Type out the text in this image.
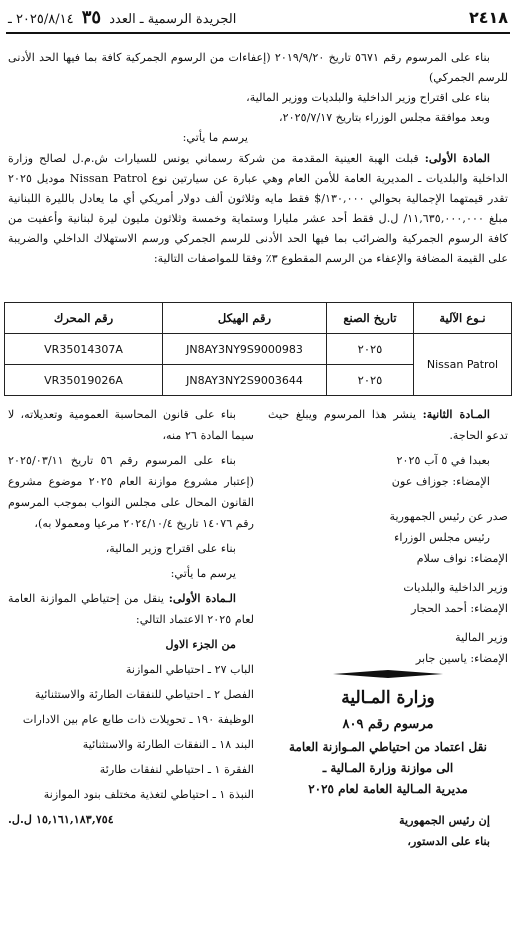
٢٤١٨
الجريدة الرسمية ـ العدد ٣٥ ٢٠٢٥/٨/١٤ ـ

بناء على المرسوم رقم ٥٦٧١ تاريخ ٢٠١٩/٩/٢٠ (إعفاءات من الرسوم الجمركية كافة بما فيها الحد الأدنى للرسم الجمركي)

بناء على اقتراح وزير الداخلية والبلديات ووزير المالية،

وبعد موافقة مجلس الوزراء بتاريخ ٢٠٢٥/٧/١٧،

يرسم ما يأتي:

المادة الأولى: قبلت الهبة العينية المقدمة من شركة رسماني يونس للسيارات ش.م.ل لصالح وزارة الداخلية والبلديات ـ المديرية العامة للأمن العام وهي عبارة عن سيارتين نوع Nissan Patrol موديل ٢٠٢٥ تقدر قيمتهما الإجمالية بحوالي ١٣٠,٠٠٠/$ فقط مايه وثلاثون ألف دولار أمريكي أي ما يعادل بالليرة اللبنانية مبلغ ١١,٦٣٥,٠٠٠,٠٠٠/ ل.ل فقط أحد عشر مليارا وستماية وخمسة وثلاثون مليون ليرة لبنانية وأعفيت من كافة الرسوم الجمركية والضرائب بما فيها الحد الأدنى للرسم الجمركي ورسم الاستهلاك الداخلي والضريبة على القيمة المضافة والإعفاء من الرسم المقطوع ٣٪ وفقا للمواصفات التالية:

نـوع الآلية	تاريخ الصنع	رقم الهيكل	رقم المحرك
Nissan Patrol	٢٠٢٥	JN8AY3NY9S9000983	VR35014307A
	٢٠٢٥	JN8AY3NY2S9003644	VR35019026A

المـادة الثانية: ينشر هذا المرسوم ويبلغ حيث تدعو الحاجة.

بعبدا في ٥ آب ٢٠٢٥

الإمضاء: جوزاف عون

صدر عن رئيس الجمهورية

رئيس مجلس الوزراء

الإمضاء: نواف سلام

وزير الداخلية والبلديات

الإمضاء: أحمد الحجار

وزير المالية

الإمضاء: ياسين جابر

وزارة المـالية

مرسوم رقم ٨٠٩

نقل اعتماد من احتياطي المـوازنة العامة

الى موازنة وزارة المـالية ـ

مديرية المـالية العامة لعام ٢٠٢٥

إن رئيس الجمهورية

بناء على الدستور،

بناء على قانون المحاسبة العمومية وتعديلاته، لا سيما المادة ٢٦ منه،

بناء على المرسوم رقم ٥٦ تاريخ ٢٠٢٥/٠٣/١١ (إعتبار مشروع موازنة العام ٢٠٢٥ موضوع مشروع القانون المحال على مجلس النواب بموجب المرسوم رقم ١٤٠٧٦ تاريخ ٢٠٢٤/١٠/٤ مرعيا ومعمولا به)،

بناء على اقتراح وزير المالية،

يرسم ما يأتي:

الـمادة الأولى: ينقل من إحتياطي الموازنة العامة لعام ٢٠٢٥ الاعتماد التالي:

من الجزء الاول

الباب ٢٧ ـ احتياطي الموازنة

الفصل ٢ ـ احتياطي للنفقات الطارئة والاستثنائية

الوظيفة ١٩٠ ـ تحويلات ذات طابع عام بين الادارات

البند ١٨ ـ النفقات الطارئة والاستثنائية

الفقرة ١ ـ احتياطي لنفقات طارئة

النبذة ١ ـ احتياطي لتغذية مختلف بنود الموازنة

١٥,١٦١,١٨٣,٧٥٤ ل.ل.
